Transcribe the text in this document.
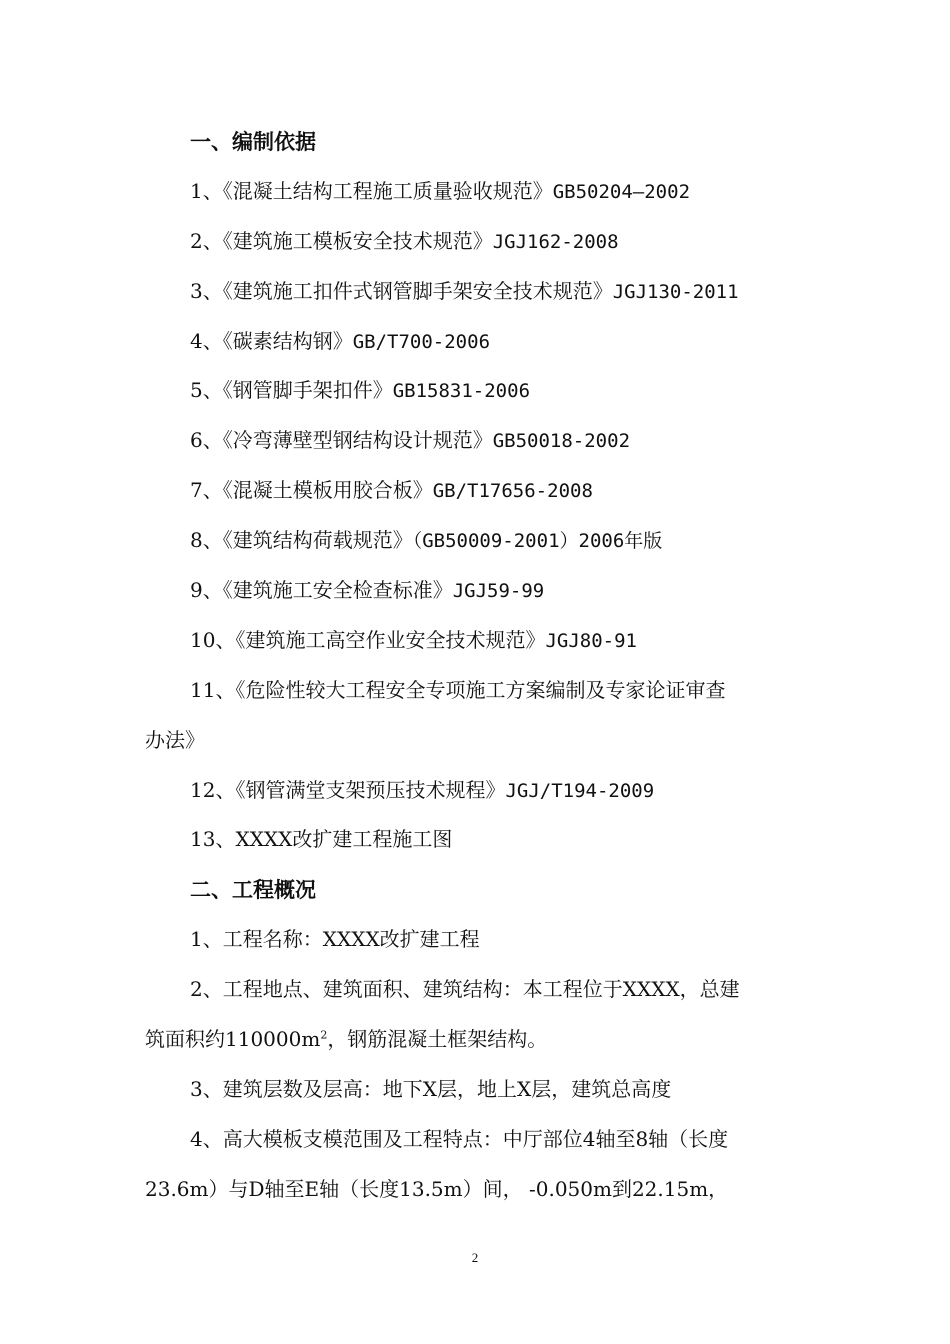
一、编制依据
1、《混凝土结构工程施工质量验收规范》GB50204—2002
2、《建筑施工模板安全技术规范》JGJ162-2008
3、《建筑施工扣件式钢管脚手架安全技术规范》JGJ130-2011
4、《碳素结构钢》GB/T700-2006
5、《钢管脚手架扣件》GB15831-2006
6、《冷弯薄壁型钢结构设计规范》GB50018-2002
7、《混凝土模板用胶合板》GB/T17656-2008
8、《建筑结构荷载规范》（GB50009-2001）2006年版
9、《建筑施工安全检查标准》JGJ59-99
10、《建筑施工高空作业安全技术规范》JGJ80-91
11、《危险性较大工程安全专项施工方案编制及专家论证审查
办法》
12、《钢管满堂支架预压技术规程》JGJ/T194-2009
13、XXXX改扩建工程施工图
二、工程概况
1、工程名称：XXXX改扩建工程
2、工程地点、建筑面积、建筑结构：本工程位于XXXX，总建
筑面积约$110000m^2$，钢筋混凝土框架结构。
3、建筑层数及层高：地下X层，地上X层，建筑总高度
4、高大模板支模范围及工程特点：中厅部位4轴至8轴（长度
23.6m）与D轴至E轴（长度13.5m）间， -0.050m到22.15m，
2
